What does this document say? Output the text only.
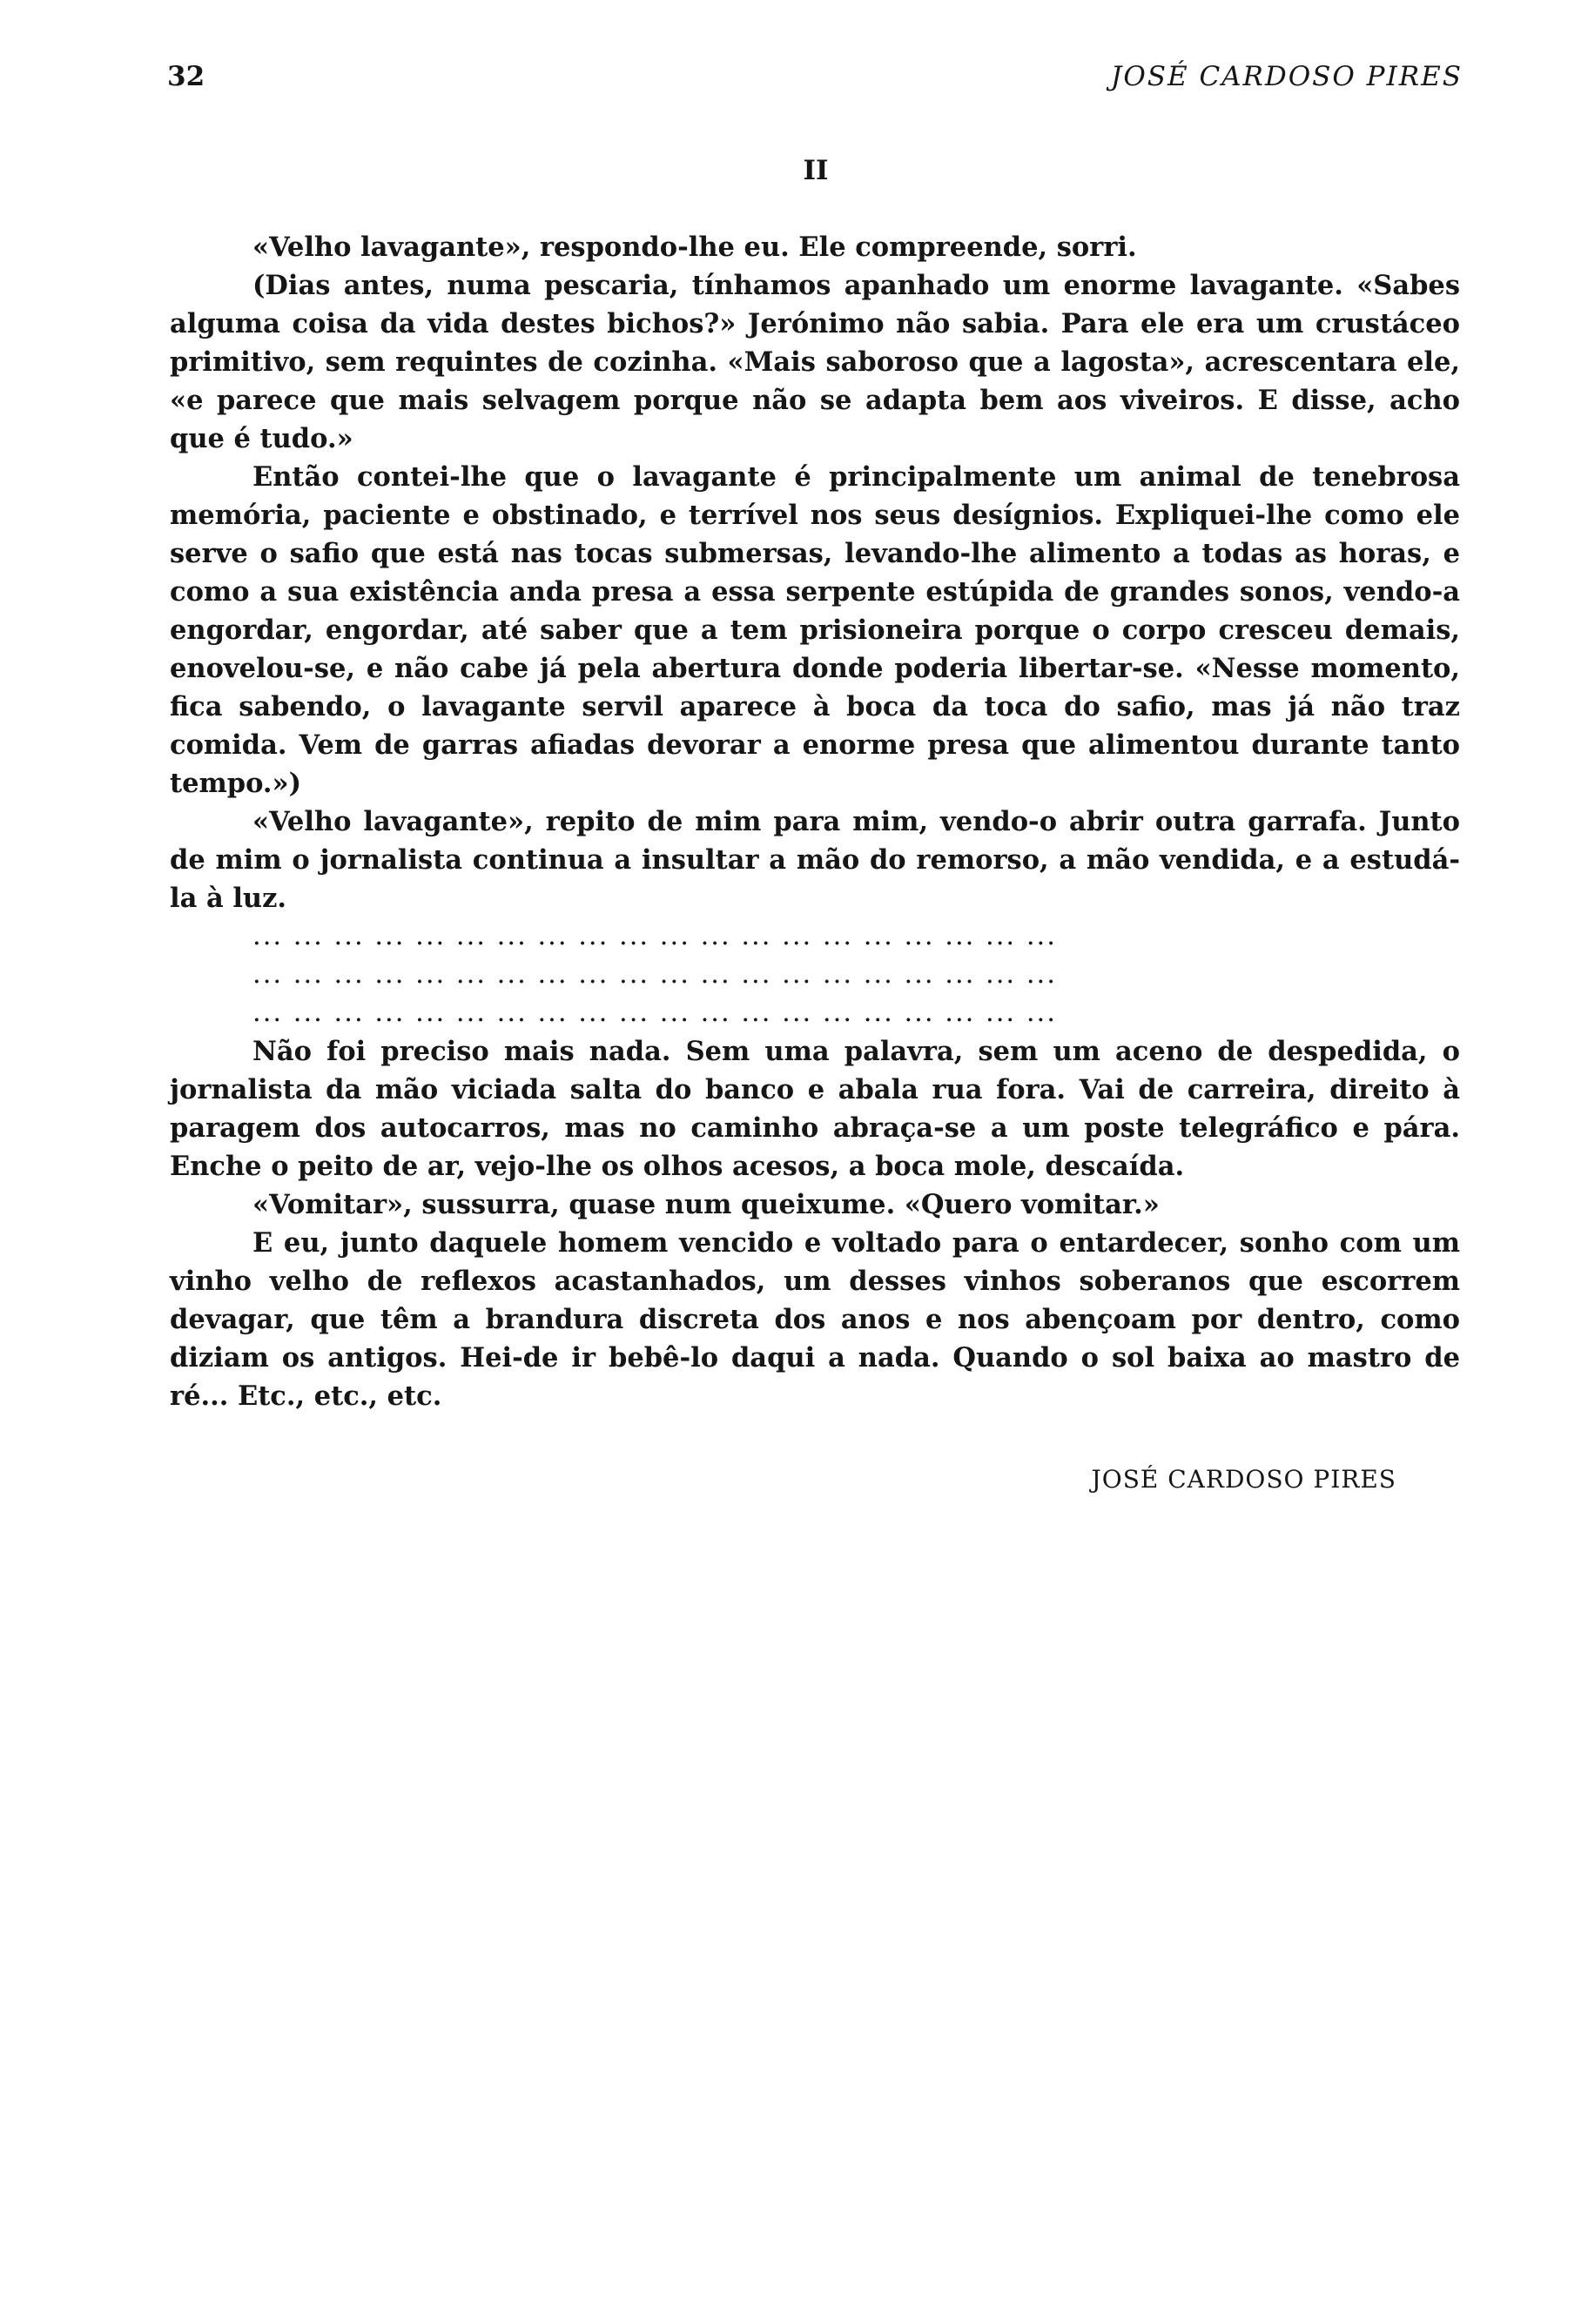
32	JOSÉ CARDOSO PIRES
II

«Velho lavagante», respondo-lhe eu. Ele compreende, sorri.

(Dias antes, numa pescaria, tínhamos apanhado um enorme lavagante. «Sabes alguma coisa da vida destes bichos?» Jerónimo não sabia. Para ele era um crustáceo primitivo, sem requintes de cozinha. «Mais saboroso que a lagosta», acrescentara ele, «e parece que mais selvagem porque não se adapta bem aos viveiros. E disse, acho que é tudo.»

Então contei-lhe que o lavagante é principalmente um animal de tenebrosa memória, paciente e obstinado, e terrível nos seus desígnios. Expliquei-lhe como ele serve o safio que está nas tocas submersas, levando-lhe alimento a todas as horas, e como a sua existência anda presa a essa serpente estúpida de grandes sonos, vendo-a engordar, engordar, até saber que a tem prisioneira porque o corpo cresceu demais, enovelou-se, e não cabe já pela abertura donde poderia libertar-se. «Nesse momento, fica sabendo, o lavagante servil aparece à boca da toca do safio, mas já não traz comida. Vem de garras afiadas devorar a enorme presa que alimentou durante tanto tempo.»)

«Velho lavagante», repito de mim para mim, vendo-o abrir outra garrafa. Junto de mim o jornalista continua a insultar a mão do remorso, a mão vendida, e a estudá-la à luz.

... ... ... ... ... ... ... ... ... ... ... ... ... ... ... ... ... ... ... ...
... ... ... ... ... ... ... ... ... ... ... ... ... ... ... ... ... ... ... ...
... ... ... ... ... ... ... ... ... ... ... ... ... ... ... ... ... ... ... ...

Não foi preciso mais nada. Sem uma palavra, sem um aceno de despedida, o jornalista da mão viciada salta do banco e abala rua fora. Vai de carreira, direito à paragem dos autocarros, mas no caminho abraça-se a um poste telegráfico e pára. Enche o peito de ar, vejo-lhe os olhos acesos, a boca mole, descaída.

«Vomitar», sussurra, quase num queixume. «Quero vomitar.»

E eu, junto daquele homem vencido e voltado para o entardecer, sonho com um vinho velho de reflexos acastanhados, um desses vinhos soberanos que escorrem devagar, que têm a brandura discreta dos anos e nos abençoam por dentro, como diziam os antigos. Hei-de ir bebê-lo daqui a nada. Quando o sol baixa ao mastro de ré... Etc., etc., etc.

JOSÉ CARDOSO PIRES
